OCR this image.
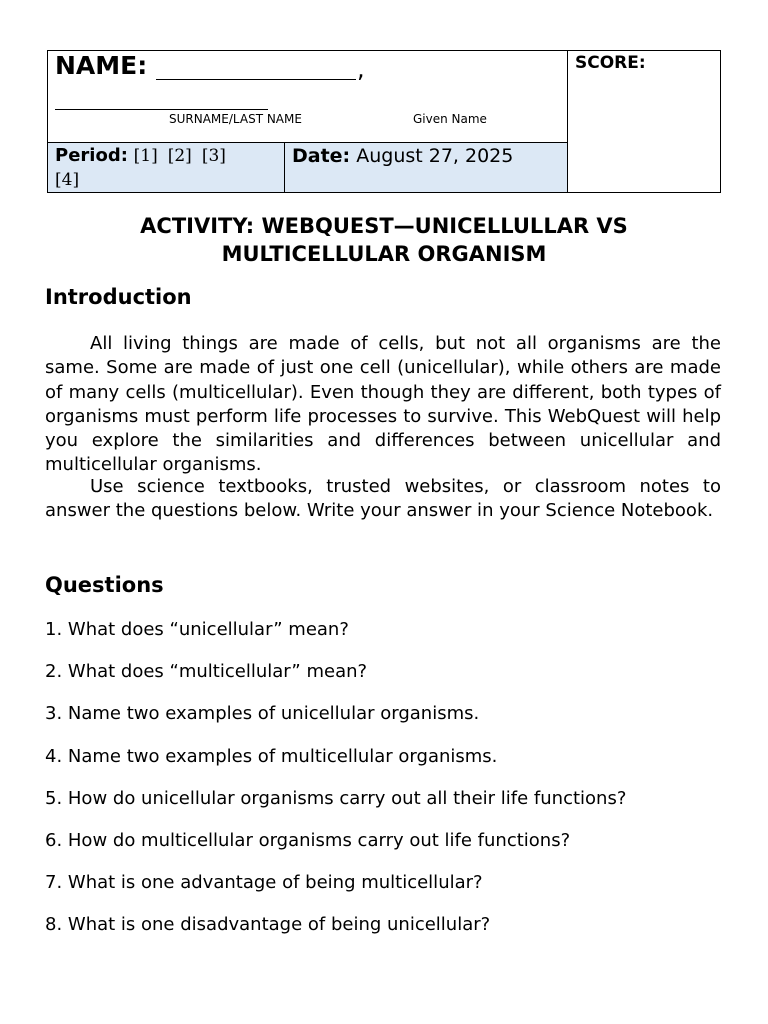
NAME:	,
SURNAME/LAST NAME	Given Name
SCORE:
Period: [1] [2] [3]
[4]
Date: August 27, 2025
ACTIVITY: WEBQUEST—UNICELLULLAR VS
MULTICELLULAR ORGANISM
Introduction

All living things are made of cells, but not all organisms are the same. Some are made of just one cell (unicellular), while others are made of many cells (multicellular). Even though they are different, both types of organisms must perform life processes to survive. This WebQuest will help you explore the similarities and differences between unicellular and multicellular organisms.

Use science textbooks, trusted websites, or classroom notes to answer the questions below. Write your answer in your Science Notebook.

Questions
1. What does “unicellular” mean?
2. What does “multicellular” mean?
3. Name two examples of unicellular organisms.
4. Name two examples of multicellular organisms.
5. How do unicellular organisms carry out all their life functions?
6. How do multicellular organisms carry out life functions?
7. What is one advantage of being multicellular?
8. What is one disadvantage of being unicellular?
